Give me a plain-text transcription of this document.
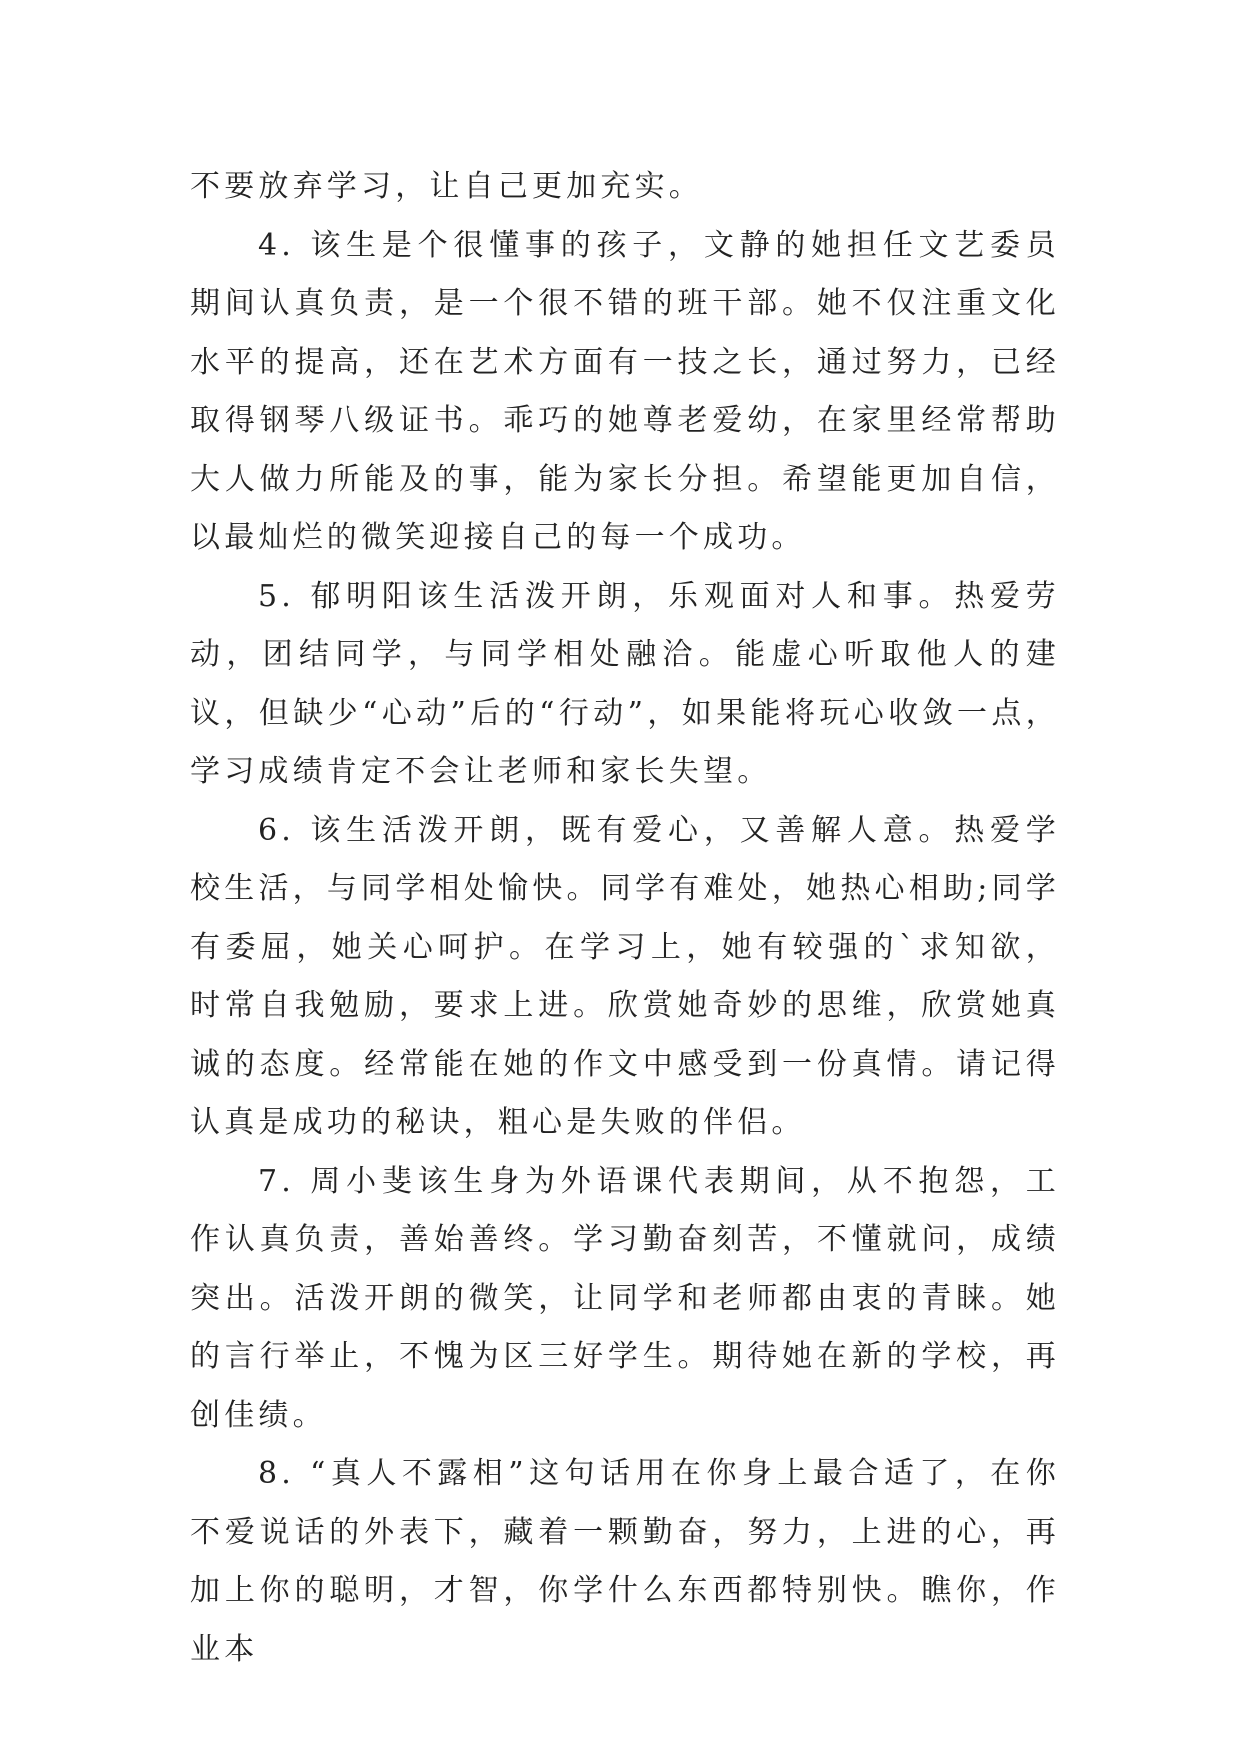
不要放弃学习，让自己更加充实。

4. 该生是个很懂事的孩子，文静的她担任文艺委员期间认真负责，是一个很不错的班干部。她不仅注重文化水平的提高，还在艺术方面有一技之长，通过努力，已经取得钢琴八级证书。乖巧的她尊老爱幼，在家里经常帮助大人做力所能及的事，能为家长分担。希望能更加自信，以最灿烂的微笑迎接自己的每一个成功。

5. 郁明阳该生活泼开朗，乐观面对人和事。热爱劳动，团结同学，与同学相处融洽。能虚心听取他人的建议，但缺少“心动”后的“行动”，如果能将玩心收敛一点，学习成绩肯定不会让老师和家长失望。

6. 该生活泼开朗，既有爱心，又善解人意。热爱学校生活，与同学相处愉快。同学有难处，她热心相助;同学有委屈，她关心呵护。在学习上，她有较强的`求知欲，时常自我勉励，要求上进。欣赏她奇妙的思维，欣赏她真诚的态度。经常能在她的作文中感受到一份真情。请记得认真是成功的秘诀，粗心是失败的伴侣。

7. 周小斐该生身为外语课代表期间，从不抱怨，工作认真负责，善始善终。学习勤奋刻苦，不懂就问，成绩突出。活泼开朗的微笑，让同学和老师都由衷的青睐。她的言行举止，不愧为区三好学生。期待她在新的学校，再创佳绩。

8. “真人不露相”这句话用在你身上最合适了，在你不爱说话的外表下，藏着一颗勤奋，努力，上进的心，再加上你的聪明，才智，你学什么东西都特别快。瞧你，作业本
